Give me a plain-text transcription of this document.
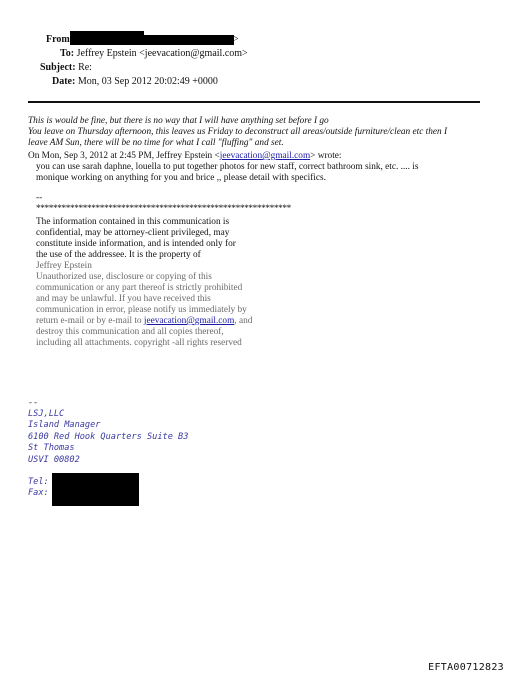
From	>
To: Jeffrey Epstein <jeevacation@gmail.com>
Subject: Re:
Date: Mon, 03 Sep 2012 20:02:49 +0000
This is would be fine, but there is no way that I will have anything set before I go
You leave on Thursday afternoon, this leaves us Friday to deconstruct all areas/outside furniture/clean etc then I
leave AM Sun, there will be no time for what I call "fluffing" and set.
On Mon, Sep 3, 2012 at 2:45 PM, Jeffrey Epstein <jeevacation@gmail.com> wrote:
you can use sarah daphne, louella to put together photos for new staff, correct bathroom sink, etc. .... is
monique working on anything for you and brice ,, please detail with specifics.
--
************************************************************
The information contained in this communication is
confidential, may be attorney-client privileged, may
constitute inside information, and is intended only for
the use of the addressee. It is the property of
Jeffrey Epstein
Unauthorized use, disclosure or copying of this
communication or any part thereof is strictly prohibited
and may be unlawful. If you have received this
communication in error, please notify us immediately by
return e-mail or by e-mail to jeevacation@gmail.com, and
destroy this communication and all copies thereof,
including all attachments. copyright -all rights reserved
--
LSJ,LLC
Island Manager
6100 Red Hook Quarters Suite B3
St Thomas
USVI 00802
Tel:
Fax:
EFTA00712823
